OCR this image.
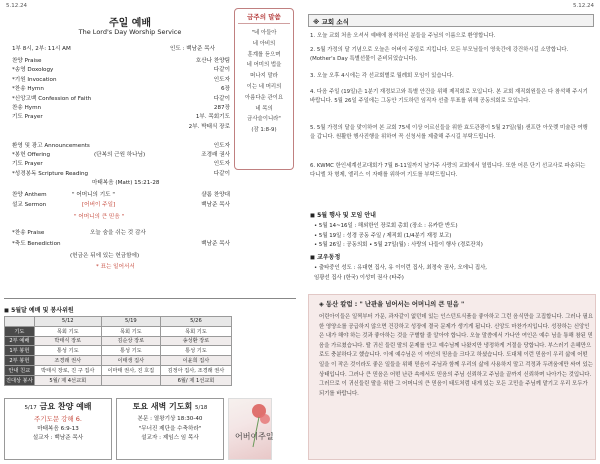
5.12.24
주일 예배
The Lord's Day Worship Service
1부 8시, 2부: 11시 AM	인도 : 백남준 목사
찬양 Praise	호산나 찬양팀
*송영 Doxology	다같이
*기원 Invocation	인도자
*찬송 Hymn	6장
*신앙고백 Confession of Faith	다같이
찬송 Hymn	287장
기도 Prayer	1부. 목회기도
2부. 박태식 장로
환영 및 광고 Announcements	인도자
*봉헌 Offering	(단복의 근원 하나님)	조경래 권사
기도 Prayer	인도자
*성경봉독 Scripture Reading	다같이
마태복음 (Matt) 15:21-28
찬양 Anthem	" 어머니의 기도 "	샬롬 찬양대
설교 Sermon	[어버이 주일]	백남준 목사
" 어머니의 큰 믿음 "
*찬송 Praise	오늘 숨을 쉬는 것 감사
*축도 Benediction	백남준 목사
(헌금은 뒤에 있는 헌금함에)
* 표는 일어서서
금주의 말씀
"네 아들아
네 아비의
훈계를 듣으며
네 어미의 법을
떠나지 말라
이는 네 머리의
아름다운 관이요
네 목의
금사슬이니라"
(잠 1:8-9)
◼ 5월달 예배 및 봉사위원
	5/12	5/19	5/26
기도	목회 기도	목회 기도	목회 기도
2부 예배	박태식 장로	김순상 장로	송성환 장로
1부 봉헌	통성 기도	통성 기도	통성 기도
2부 봉헌	조경래 권사	이태생 집사	이윤희 집사
안내 친교	박태식 장로, 진 구 집사	이마태 권사, 진 호집	김정아 집사, 조경래 권사
진대상 봉사	5월/ 제 4선교회		6월/ 제 1선교회
5/17 금요 찬양 예배
주기도문 강해 6.
마태복음 6:9-13
설교자 : 백남준 목사
토요 새벽 기도회 5/18
본문 : 열왕기상 18:30-40
"무너진 제단을 수축하라"
설교자 : 제임스 임 목사	어버이주일
5.12.24
※ 교회 소식
1. 오늘 교회 처음 오셔서 예배에 참석하신 분들을 주님의 이름으로 환영합니다.
2. 5월 가정의 달 기념으로 오늘은 어버이 주일로 지킵니다. 모든 부모님들이 영육간에 강건하시길 소망합니다. (Mother's Day 특별선물이 준비되었습니다).
3. 오늘 오후 4시에는 각 선교회별로 월례회 모임이 있습니다.
4. 다음 주일 (19일)은 1분기 재정보고와 특별 안건을 위해 제직회로 모입니다. 본 교회 재직회원들은 다 참석해 주시기 바랍니다. 5월 26일 주일에는 그동안 기도하던 임직자 선출 투표를 위해 공동의회로 모입니다.
5. 5월 가정의 달을 맞이하여 본 교회 75세 이상 어르신들을 위한 효도관광이 5월 27일(월) 샌프란 아웃렛 미술관 여행 을 갑니다. 원활한 행사진행을 위하여 꼭 신청서를 제출해 주시길 부탁드립니다.
6. KWMC 한인세계선교대회가 7월 8-11일까지 남가주 사랑의 교회에서 열립니다. 또한 어른 단기 선교사로 파송되는 다니엘 차 형제, 엘리스 이 자매를 위하여 기도를 부탁드립니다.
◼ 5월 행사 및 모임 안내
• 5월 14~16일 : 해외한인 장로회 총회 (장소 : 유카탄 반도)
• 5월 19일 : 성경 공동 주일 / 제직회 (1/4분기 재정 보고)
• 5월 26일 : 공동의회 • 5월 27일(월) : 사랑의 나들이 행사 (경로잔치)
◼ 교우동정
• 출타중인 성도 : 유대현 집사, 유 이이런 집사, 최정숙 권사, 오에니 집사,
임광선 집사 (한국) 이성미 권사 (타주)
◈ 동산 칼럼 : " 난관을 넘어서는 어머니의 큰 믿음 "
어린아이들은 일찍부터 가문, 과자같이 없던데 있는 인스턴트식품을 좋아하고 그런 음식만을 고집합니다. 그러나 필요한 영양소를 공급하지 않으면 건강하고 성장에 결국 문제가 생기게 됩니다. 신앙도 마찬가지입니다. 성장하는 신앙인은 내가 해야 하는 것과 좋아하는 것을 구별할 줄 알아야 합니다. 오늘 말씀에서 가나안 여인은 예수 님을 통해 참된 믿음을 가르쳤습니다. 딸 귀신 들린 딸의 문제를 안고 예수님께 나왔지만 냉정하게 거절을 당합니다. 부스러기 은혜만으로도 충분하다고 했습니다. 이에 예수님은 이 여인의 믿음을 크다고 하셨습니다. 도대체 이런 믿음이 우리 삶에 어떤 일을 이 작은 것이라도 좋은 일들을 위해 믿음이 주님과 함께 우리의 삶에 사용하지 말고 걱정과 두려움에만 싸여 있는 상태입니다. 그러나 큰 믿음은 어떤 난관 속에서도 믿음의 주님 신뢰하고 주님을 끝까지 신뢰하며 나아가는 것입니다. 그러므로 이 귀신들린 딸을 위한 그 어머니의 큰 믿음이 태도처럼 내게 있는 모든 고민을 주님께 맡기고 우리 모두가 되기를 바랍니다.
